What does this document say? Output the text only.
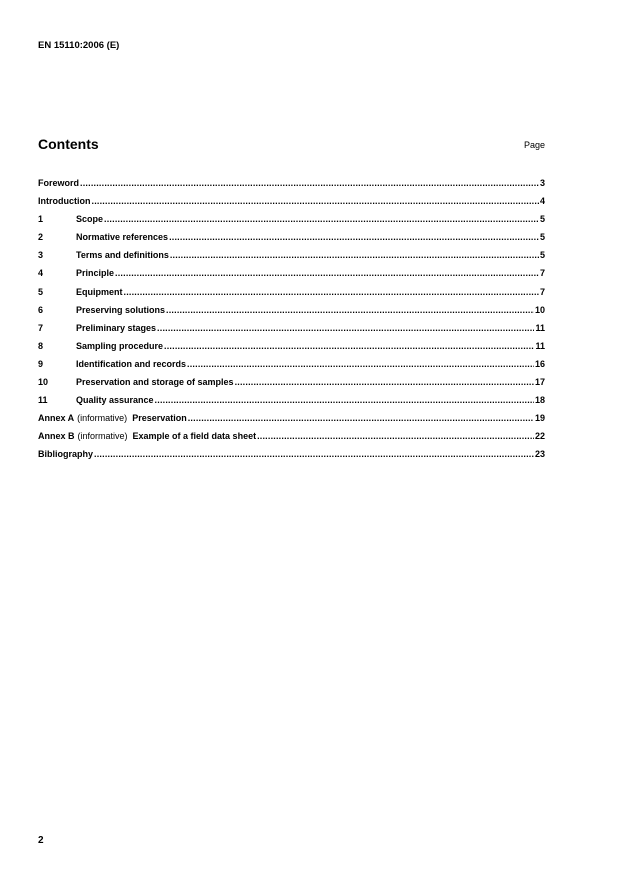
EN 15110:2006 (E)
Contents	Page
Foreword .....	3
Introduction .....	4
1	Scope .....	5
2	Normative references .....	5
3	Terms and definitions .....	5
4	Principle .....	7
5	Equipment .....	7
6	Preserving solutions .....	10
7	Preliminary stages .....	11
8	Sampling procedure .....	11
9	Identification and records .....	16
10	Preservation and storage of samples .....	17
11	Quality assurance .....	18
Annex A (informative) Preservation .....	19
Annex B (informative) Example of a field data sheet .....	22
Bibliography .....	23
2
